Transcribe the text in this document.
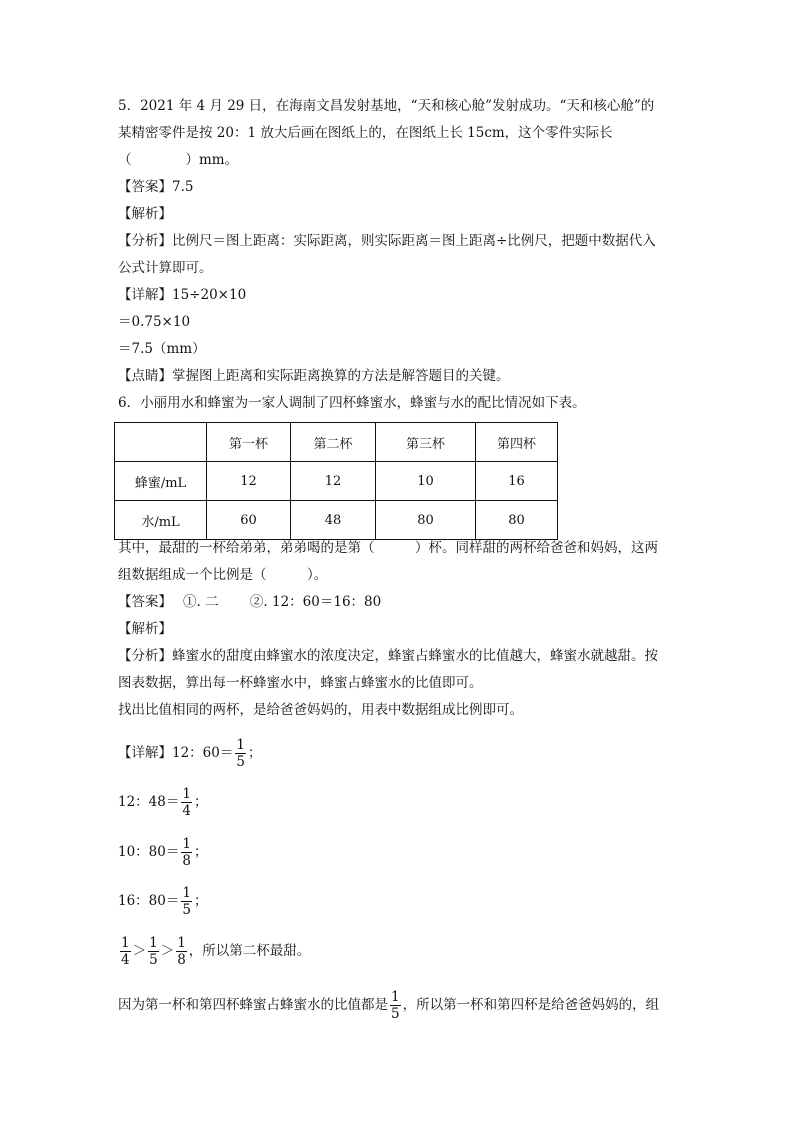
5．2021 年 4 月 29 日，在海南文昌发射基地，“天和核心舱”发射成功。“天和核心舱”的
某精密零件是按 20：1 放大后画在图纸上的，在图纸上长 15cm，这个零件实际长
（　　　　）mm。
【答案】7.5
【解析】
【分析】比例尺＝图上距离：实际距离，则实际距离＝图上距离÷比例尺，把题中数据代入
公式计算即可。
【详解】15÷20×10
＝0.75×10
＝7.5（mm）
【点睛】掌握图上距离和实际距离换算的方法是解答题目的关键。
6．小丽用水和蜂蜜为一家人调制了四杯蜂蜜水，蜂蜜与水的配比情况如下表。
	第一杯	第二杯	第三杯	第四杯
蜂蜜/mL	12	12	10	16
水/mL	60	48	80	80
其中，最甜的一杯给弟弟，弟弟喝的是第（　　　）杯。同样甜的两杯给爸爸和妈妈，这两
组数据组成一个比例是（　　　）。
【答案】　 ①. 二 　　②. 12：60＝16：80
【解析】
【分析】蜂蜜水的甜度由蜂蜜水的浓度决定，蜂蜜占蜂蜜水的比值越大，蜂蜜水就越甜。按
图表数据，算出每一杯蜂蜜水中，蜂蜜占蜂蜜水的比值即可。
找出比值相同的两杯，是给爸爸妈妈的，用表中数据组成比例即可。
【详解】12：$60= \frac{1}{5}$ ；
12：$48= \frac{1}{4}$ ；
10：$80= \frac{1}{8}$ ；
16：$80= \frac{1}{5}$ ；
$\frac{1}{4} > \frac{1}{5} > \frac{1}{8}$ ，所以第二杯最甜。
因为第一杯和第四杯蜂蜜占蜂蜜水的比值都是 $\frac{1}{5}$ ，所以第一杯和第四杯是给爸爸妈妈的，组
